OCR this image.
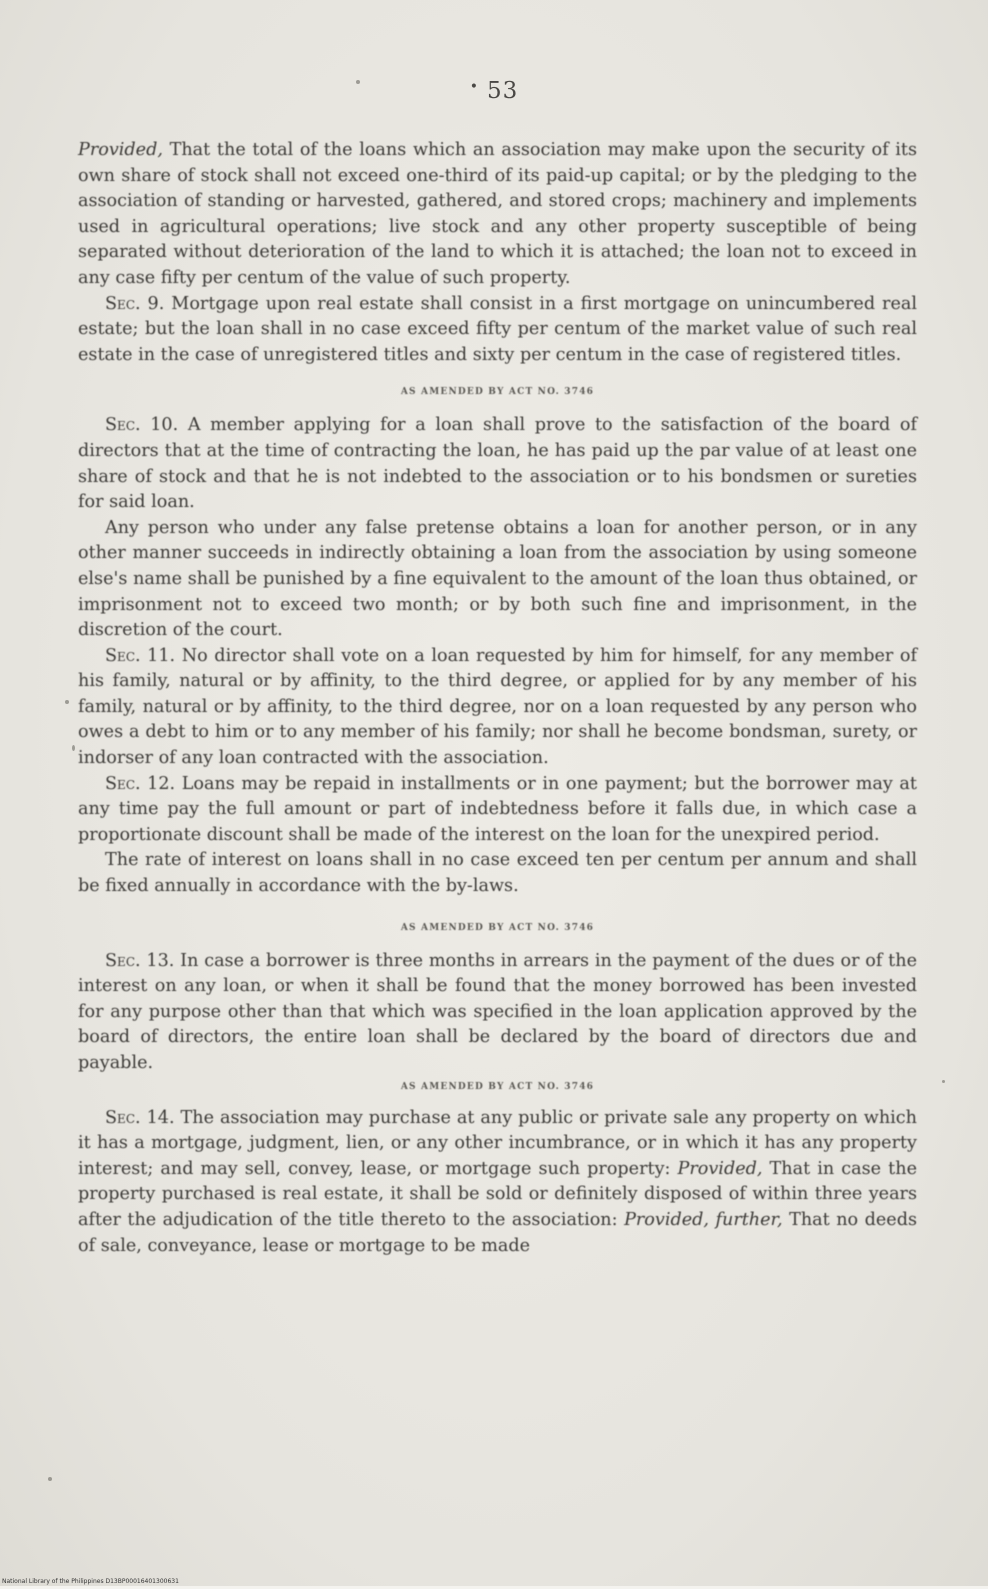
• 53

Provided, That the total of the loans which an association may make upon the security of its own share of stock shall not exceed one-third of its paid-up capital; or by the pledging to the association of standing or harvested, gathered, and stored crops; machinery and implements used in agricultural operations; live stock and any other property susceptible of being separated without deterioration of the land to which it is attached; the loan not to exceed in any case fifty per centum of the value of such property.

Sec. 9. Mortgage upon real estate shall consist in a first mortgage on unincumbered real estate; but the loan shall in no case exceed fifty per centum of the market value of such real estate in the case of unregistered titles and sixty per centum in the case of registered titles.

AS AMENDED BY ACT NO. 3746

Sec. 10. A member applying for a loan shall prove to the satisfaction of the board of directors that at the time of contracting the loan, he has paid up the par value of at least one share of stock and that he is not indebted to the association or to his bondsmen or sureties for said loan.

Any person who under any false pretense obtains a loan for another person, or in any other manner succeeds in indirectly obtaining a loan from the association by using someone else's name shall be punished by a fine equivalent to the amount of the loan thus obtained, or imprisonment not to exceed two month; or by both such fine and imprisonment, in the discretion of the court.

Sec. 11. No director shall vote on a loan requested by him for himself, for any member of his family, natural or by affinity, to the third degree, or applied for by any member of his family, natural or by affinity, to the third degree, nor on a loan requested by any person who owes a debt to him or to any member of his family; nor shall he become bondsman, surety, or indorser of any loan contracted with the association.

Sec. 12. Loans may be repaid in installments or in one payment; but the borrower may at any time pay the full amount or part of indebtedness before it falls due, in which case a proportionate discount shall be made of the interest on the loan for the unexpired period.

The rate of interest on loans shall in no case exceed ten per centum per annum and shall be fixed annually in accordance with the by-laws.

AS AMENDED BY ACT NO. 3746

Sec. 13. In case a borrower is three months in arrears in the payment of the dues or of the interest on any loan, or when it shall be found that the money borrowed has been invested for any purpose other than that which was specified in the loan application approved by the board of directors, the entire loan shall be declared by the board of directors due and payable.

AS AMENDED BY ACT NO. 3746

Sec. 14. The association may purchase at any public or private sale any property on which it has a mortgage, judgment, lien, or any other incumbrance, or in which it has any property interest; and may sell, convey, lease, or mortgage such property: Provided, That in case the property purchased is real estate, it shall be sold or definitely disposed of within three years after the adjudication of the title thereto to the association: Provided, further, That no deeds of sale, conveyance, lease or mortgage to be made

National Library of the Philippines D13BP00016401300631
